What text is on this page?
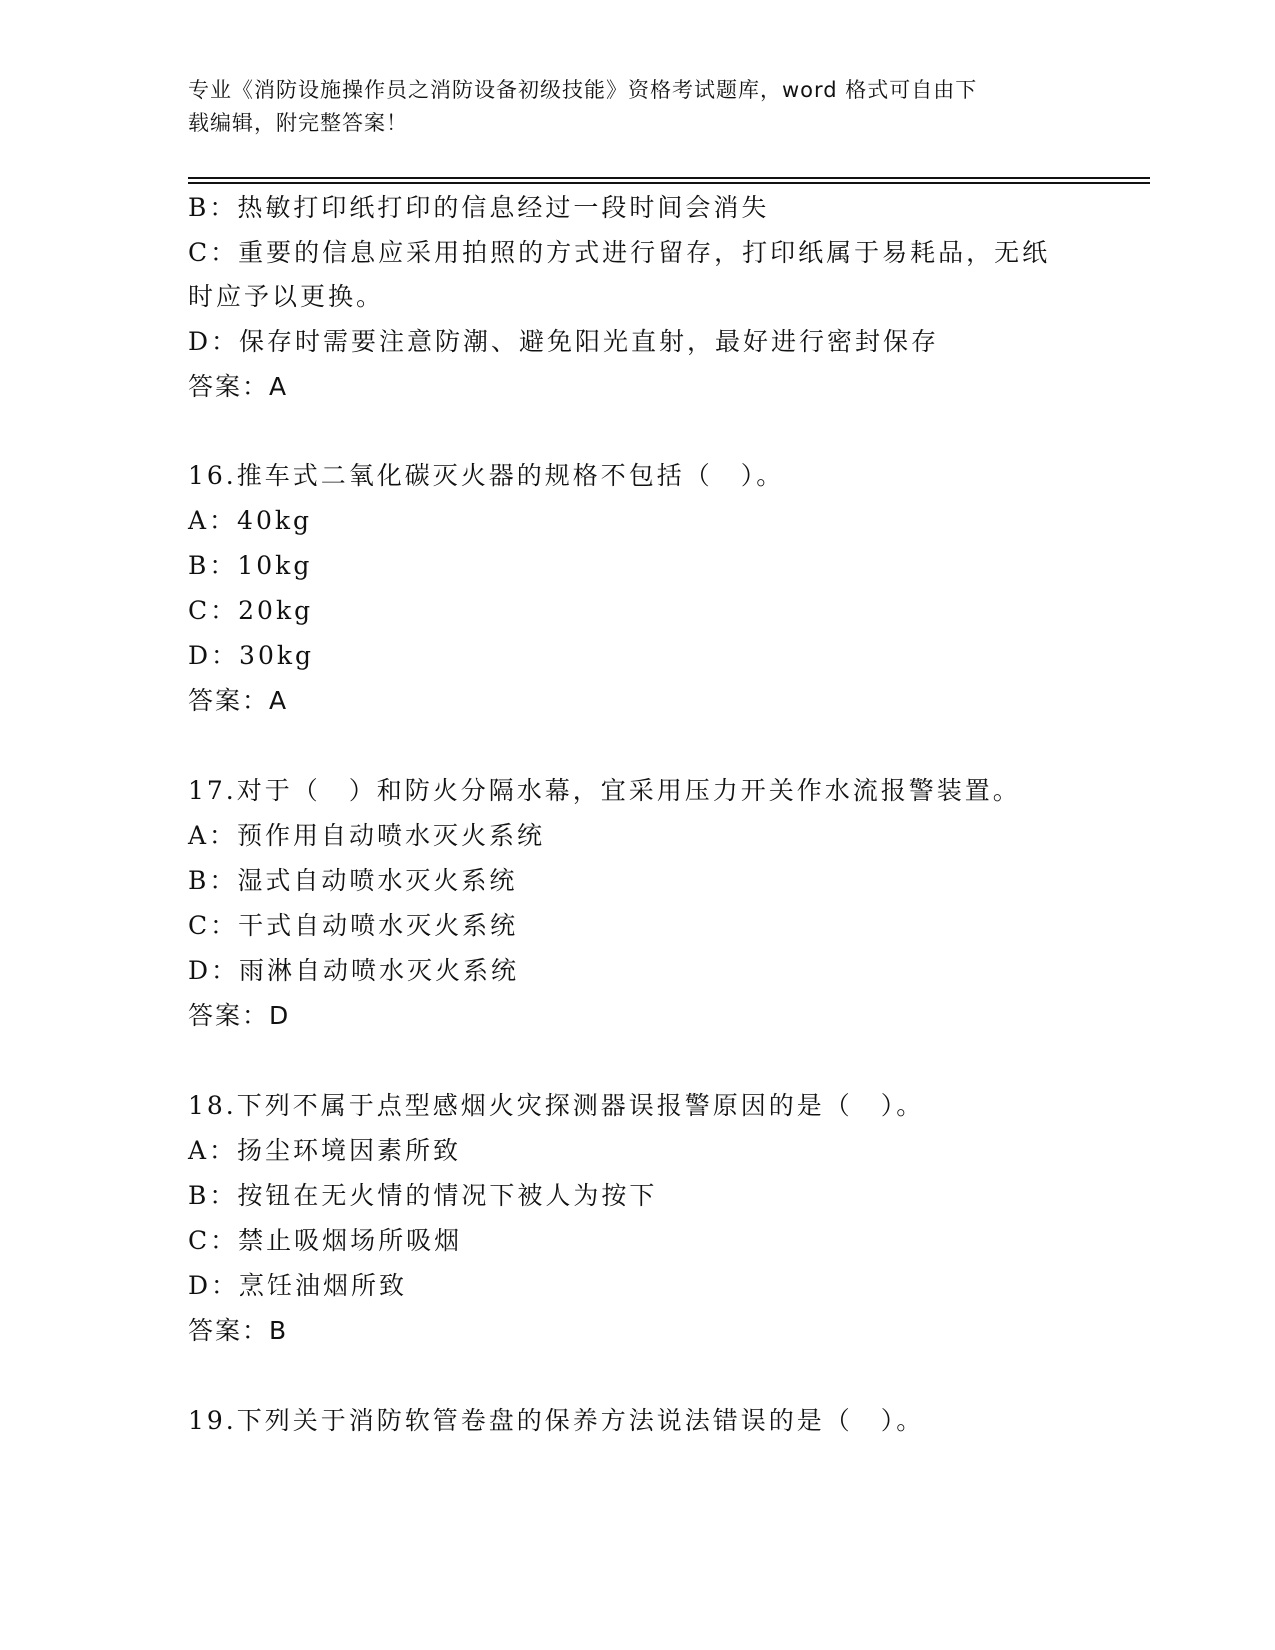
专业《消防设施操作员之消防设备初级技能》资格考试题库，word 格式可自由下
载编辑，附完整答案！
B：热敏打印纸打印的信息经过一段时间会消失
C：重要的信息应采用拍照的方式进行留存，打印纸属于易耗品，无纸
时应予以更换。
D：保存时需要注意防潮、避免阳光直射，最好进行密封保存
答案：A
16.推车式二氧化碳灭火器的规格不包括（　）。
A：40kg
B：10kg
C：20kg
D：30kg
答案：A
17.对于（　）和防火分隔水幕，宜采用压力开关作水流报警装置。
A：预作用自动喷水灭火系统
B：湿式自动喷水灭火系统
C：干式自动喷水灭火系统
D：雨淋自动喷水灭火系统
答案：D
18.下列不属于点型感烟火灾探测器误报警原因的是（　）。
A：扬尘环境因素所致
B：按钮在无火情的情况下被人为按下
C：禁止吸烟场所吸烟
D：烹饪油烟所致
答案：B
19.下列关于消防软管卷盘的保养方法说法错误的是（　）。
